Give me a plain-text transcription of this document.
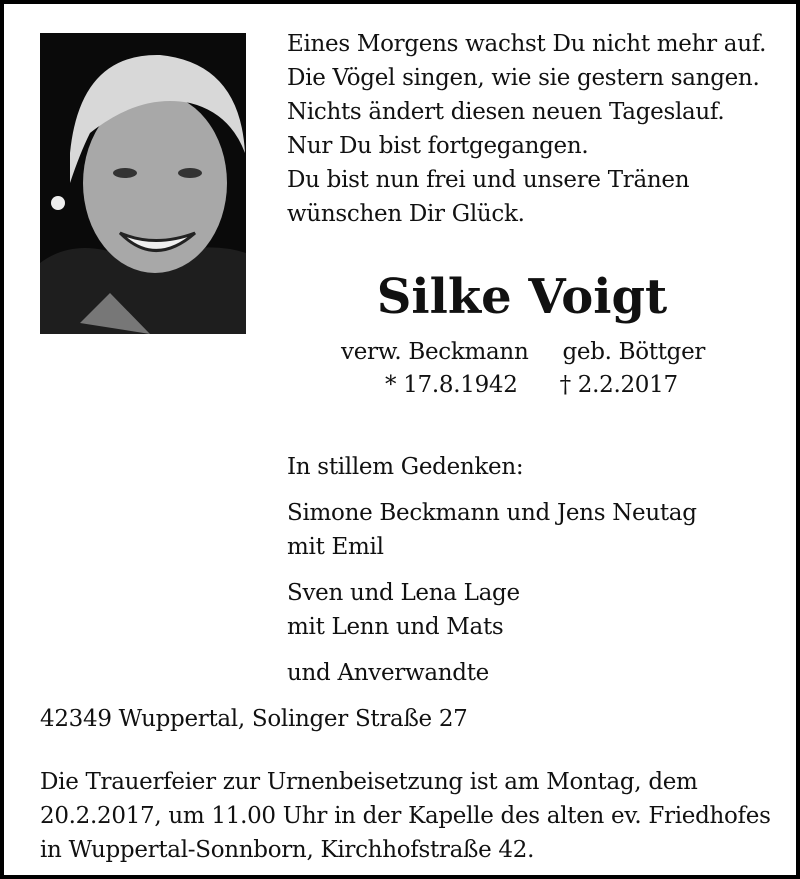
Eines Morgens wachst Du nicht mehr auf.
Die Vögel singen, wie sie gestern sangen.
Nichts ändert diesen neuen Tageslauf.
Nur Du bist fortgegangen.
Du bist nun frei und unsere Tränen
wünschen Dir Glück.
Silke Voigt
verw. Beckmann geb. Böttger
* 17.8.1942 † 2.2.2017
In stillem Gedenken:
Simone Beckmann und Jens Neutag
mit Emil
Sven und Lena Lage
mit Lenn und Mats
und Anverwandte
42349 Wuppertal, Solinger Straße 27
Die Trauerfeier zur Urnenbeisetzung ist am Montag, dem
20.2.2017, um 11.00 Uhr in der Kapelle des alten ev. Friedhofes
in Wuppertal-Sonnborn, Kirchhofstraße 42.
